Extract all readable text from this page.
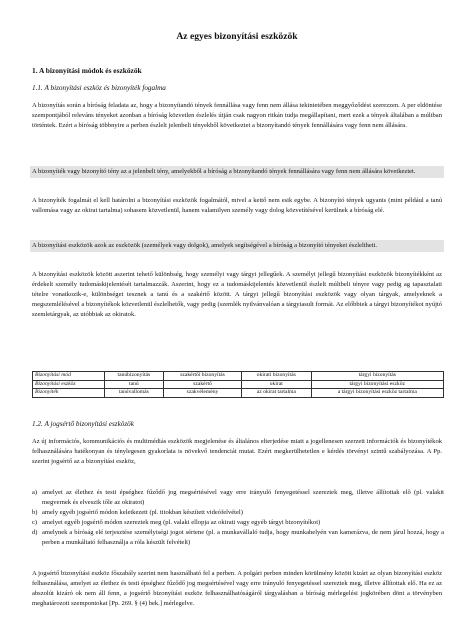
Az egyes bizonyítási eszközök
1. A bizonyítási módok és eszközök
1.1. A bizonyítási eszköz és bizonyíték fogalma
A bizonyítás során a bíróság feladata az, hogy a bizonyítandó tények fennállása vagy fenn nem állása tekintetében meggyőződést szerezzen. A per eldöntése szempontjából releváns tényeket azonban a bíróság közvetlen észlelés útján csak nagyon ritkán tudja megállapítani, mert ezek a tények általában a múltban történtek. Ezért a bíróság többnyire a perben észlelt jelenbeli tényekből következtet a bizonyítandó tények fennállására vagy fenn nem állására.
A bizonyíték vagy bizonyító tény az a jelenbeli tény, amelyekből a bíróság a bizonyítandó tények fennállására vagy fenn nem állására következtet.
A bizonyíték fogalmát el kell határolni a bizonyítási eszközök fogalmától, mivel a kettő nem esik egybe. A bizonyító tények ugyanis (mint például a tanú vallomása vagy az okirat tartalma) sohasem közvetlenül, hanem valamilyen személy vagy dolog közvetítésével kerülnek a bíróság elé.
A bizonyítási eszközök azok az eszközök (személyek vagy dolgok), amelyek segítségével a bíróság a bizonyító tényeket észleltheti.
A bizonyítási eszközök között aszerint tehető különbség, hogy személyi vagy tárgyi jellegűek. A személyi jellegű bizonyítási eszközök bizonyítékként az érdekelt személy tudomáskijelentését tartalmazzák. Aszerint, hogy ez a tudomáskijelentés közvetlenül észlelt múltbeli tényre vagy pedig ag tapasztalati tételre vonatkozik-e, különbséget tesznek a tanú és a szakértő között. A tárgyi jellegű bizonyítási eszközök vagy olyan tárgyak, amelyeknek a megszemlélésével a bizonyítékok közvetlenül észlelhetők, vagy pedig (szemlék nyilvánvalóan a tárgyiasult formái. Az előbbiek a tárgyi bizonyítékot nyújtó szemletárgyak, az utóbbiak az okiratok.
Bizonyítási mód	tanúbizonyítás	szakértői bizonyítás	okirati bizonyítás	tárgyi bizonyítás
Bizonyítási eszköz	tanú	szakértő	okirat	tárgyi bizonyítási eszköz
Bizonyíték	tanúvallomás	szakvélemény	az okirat tartalma	a tárgyi bizonyítási eszköz tartalma
1.2. A jogsértő bizonyítási eszközök
Az új információs, kommunikációs és multimédiás eszközök megjelenése és általános elterjedése miatt a jogellenesen szerzett információk és bizonyítékok felhasználására hatékonyan és ténylegesen gyakorlata is növekvő tendenciát mutat. Ezért megkerülhetetlen e kérdés törvényi szintű szabályozása. A Pp. szerint jogsértő az a bizonyítási eszköz,
a) amelyet az élethez és testi épséghez fűződő jog megsértésével vagy erre irányuló fenyegetéssel szereztek meg, illetve állítottak elő (pl. valakit megvernek és elveszik tőle az okiratot)
b) amely egyéb jogsértő módon keletkezett (pl. titokban készített videófelvétel)
c) amelyet egyéb jogsértő módon szereztek meg (pl. valaki ellopja az okirati vagy egyéb tárgyi bizonyítékot)
d) amelynek a bíróság elé terjesztése személyiségi jogot sértene (pl. a munkavállaló tudja, hogy munkahelyén van kamerázva, de nem járul hozzá, hogy a perben a munkáltató felhasználja a róla készült felvételt)
A jogsértő bizonyítási eszköz főszabály szerint nem használható fel a perben. A polgári perben minden körülmény között kizárt az olyan bizonyítási eszköz felhasználása, amelyet az élethez és testi épséghez fűződő jog megsértésével vagy erre irányuló fenyegetéssel szereztek meg, illetve állítottak elő. Ha ez az abszolút kizáró ok nem áll fenn, a jogsértő bizonyítási eszköz felhasználhatóságáról tárgyalásban a bíróság mérlegelési jogkörében dönt a törvényben meghatározott szempontokat [Pp. 269. § (4) bek.] mérlegelve.
